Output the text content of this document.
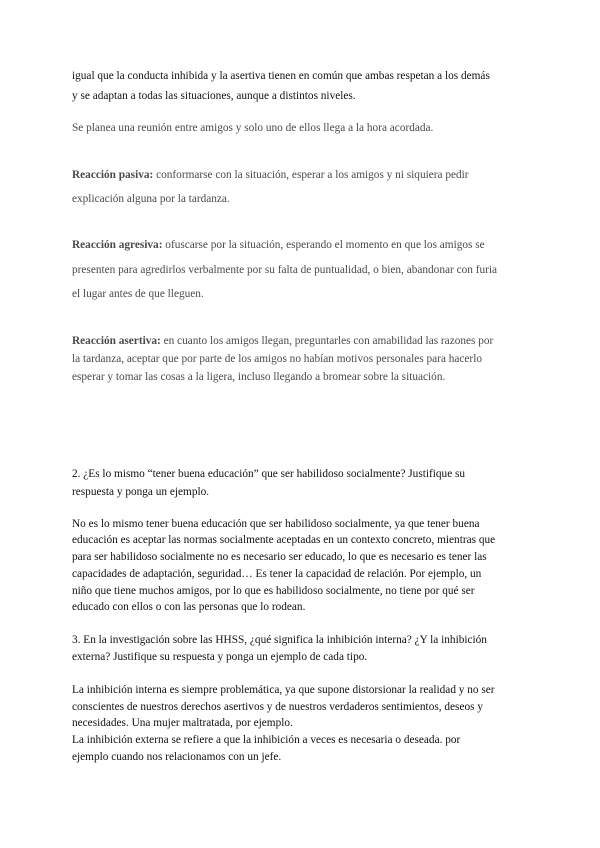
igual que la conducta inhibida y la asertiva tienen en común que ambas respetan a los demás

y se adaptan a todas las situaciones, aunque a distintos niveles.

Se planea una reunión entre amigos y solo uno de ellos llega a la hora acordada.

Reacción pasiva: conformarse con la situación, esperar a los amigos y ni siquiera pedir

explicación alguna por la tardanza.

Reacción agresiva: ofuscarse por la situación, esperando el momento en que los amigos se

presenten para agredirlos verbalmente por su falta de puntualidad, o bien, abandonar con furia

el lugar antes de que lleguen.

Reacción asertiva: en cuanto los amigos llegan, preguntarles con amabilidad las razones por

la tardanza, aceptar que por parte de los amigos no habían motivos personales para hacerlo

esperar y tomar las cosas a la ligera, incluso llegando a bromear sobre la situación.

2. ¿Es lo mismo “tener buena educación” que ser habilidoso socialmente? Justifique su

respuesta y ponga un ejemplo.

No es lo mismo tener buena educación que ser habilidoso socialmente, ya que tener buena

educación es aceptar las normas socialmente aceptadas en un contexto concreto, mientras que

para ser habilidoso socialmente no es necesario ser educado, lo que es necesario es tener las

capacidades de adaptación, seguridad… Es tener la capacidad de relación. Por ejemplo, un

niño que tiene muchos amigos, por lo que es habilidoso socialmente, no tiene por qué ser

educado con ellos o con las personas que lo rodean.

3. En la investigación sobre las HHSS, ¿qué significa la inhibición interna? ¿Y la inhibición

externa? Justifique su respuesta y ponga un ejemplo de cada tipo.

La inhibición interna es siempre problemática, ya que supone distorsionar la realidad y no ser

conscientes de nuestros derechos asertivos y de nuestros verdaderos sentimientos, deseos y

necesidades. Una mujer maltratada, por ejemplo.

La inhibición externa se refiere a que la inhibición a veces es necesaria o deseada. por

ejemplo cuando nos relacionamos con un jefe.
